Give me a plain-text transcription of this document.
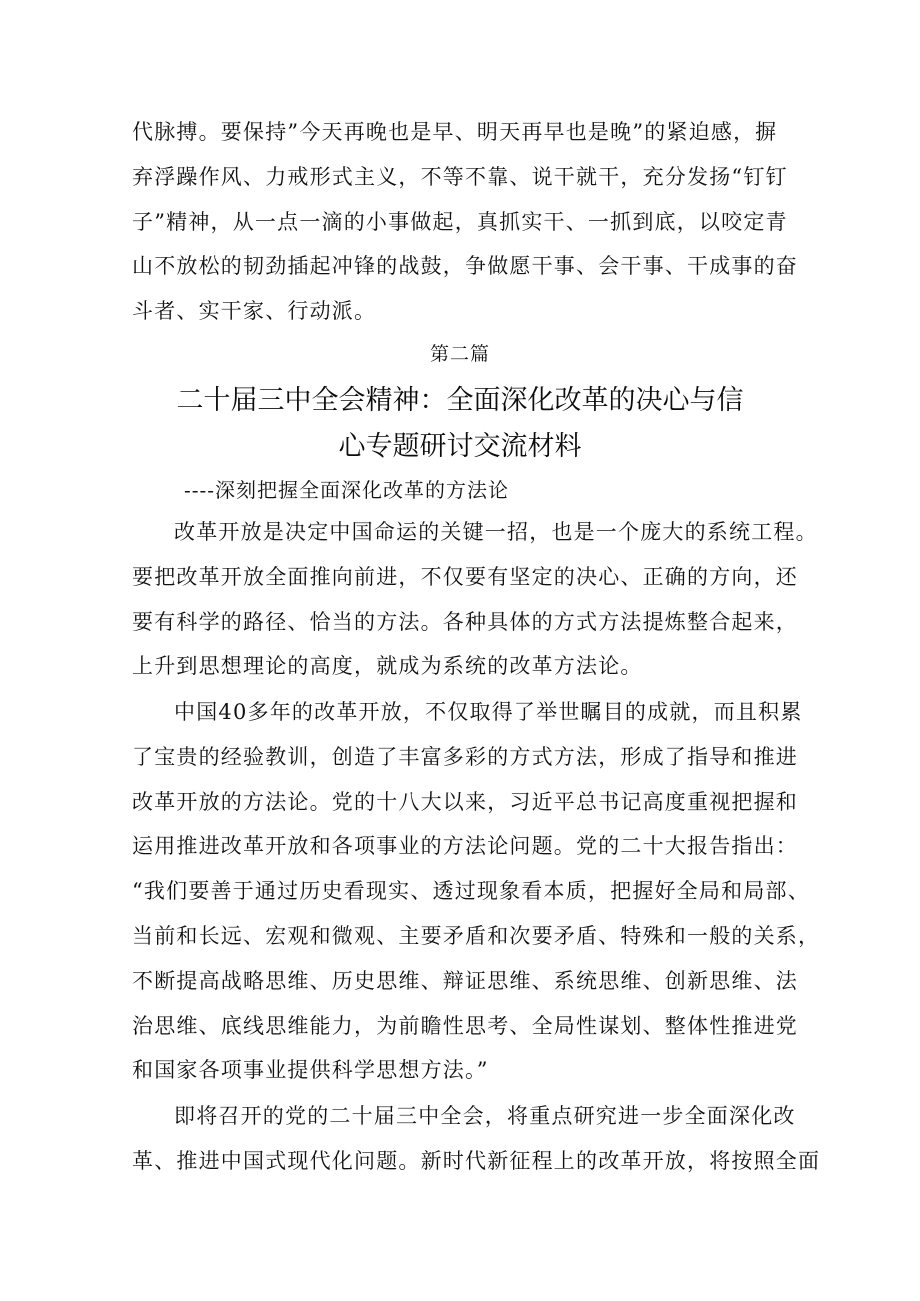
代脉搏。要保持”今天再晚也是早、明天再早也是晚”的紧迫感，摒
弃浮躁作风、力戒形式主义，不等不靠、说干就干，充分发扬“钉钉
子”精神，从一点一滴的小事做起，真抓实干、一抓到底，以咬定青
山不放松的韧劲插起冲锋的战鼓，争做愿干事、会干事、干成事的奋
斗者、实干家、行动派。
第二篇
二十届三中全会精神：全面深化改革的决心与信
心专题研讨交流材料
----深刻把握全面深化改革的方法论
改革开放是决定中国命运的关键一招，也是一个庞大的系统工程。
要把改革开放全面推向前进，不仅要有坚定的决心、正确的方向，还
要有科学的路径、恰当的方法。各种具体的方式方法提炼整合起来，
上升到思想理论的高度，就成为系统的改革方法论。
中国40多年的改革开放，不仅取得了举世瞩目的成就，而且积累
了宝贵的经验教训，创造了丰富多彩的方式方法，形成了指导和推进
改革开放的方法论。党的十八大以来，习近平总书记高度重视把握和
运用推进改革开放和各项事业的方法论问题。党的二十大报告指出：
“我们要善于通过历史看现实、透过现象看本质，把握好全局和局部、
当前和长远、宏观和微观、主要矛盾和次要矛盾、特殊和一般的关系，
不断提高战略思维、历史思维、辩证思维、系统思维、创新思维、法
治思维、底线思维能力，为前瞻性思考、全局性谋划、整体性推进党
和国家各项事业提供科学思想方法。”
即将召开的党的二十届三中全会，将重点研究进一步全面深化改
革、推进中国式现代化问题。新时代新征程上的改革开放，将按照全面
